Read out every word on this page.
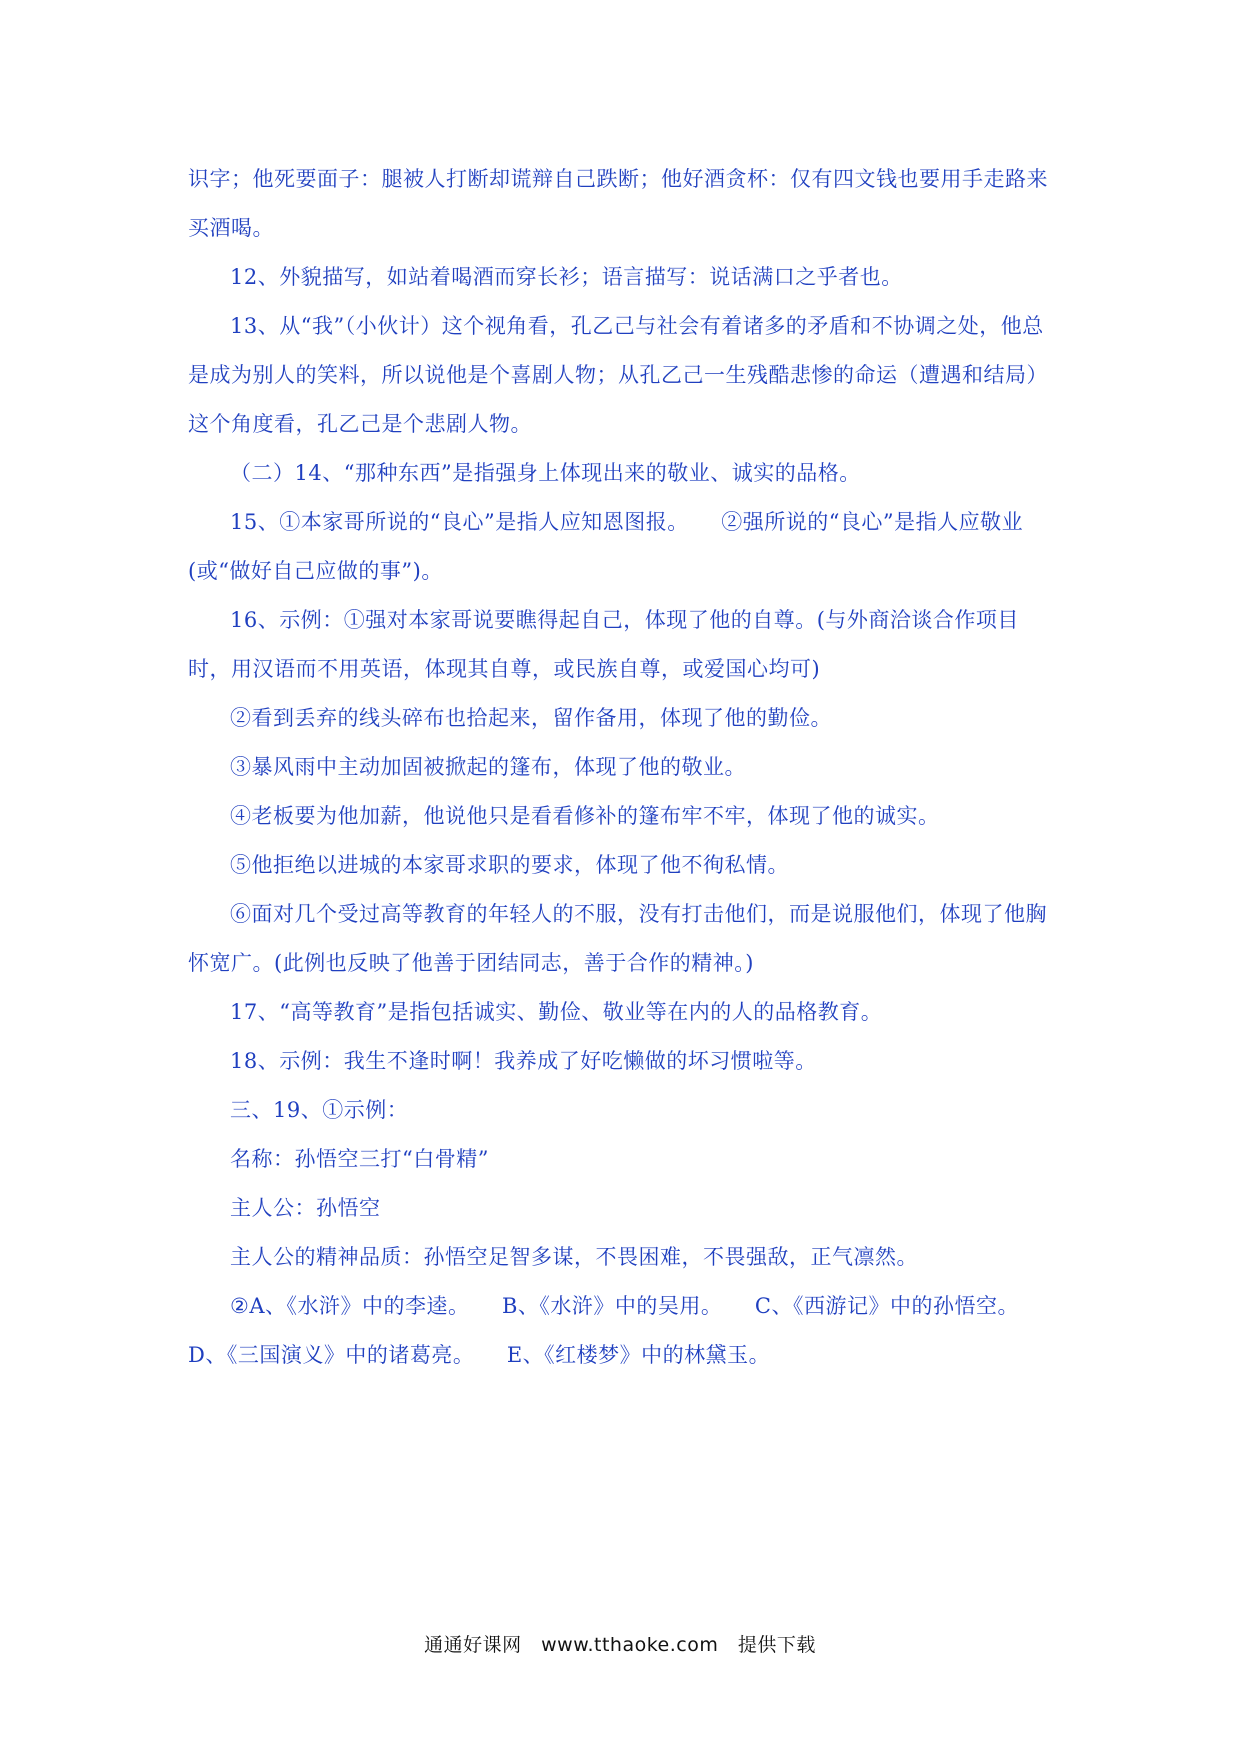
识字；他死要面子：腿被人打断却谎辩自己跌断；他好酒贪杯：仅有四文钱也要用手走路来买酒喝。

12、外貌描写，如站着喝酒而穿长衫；语言描写：说话满口之乎者也。

13、从“我”（小伙计）这个视角看，孔乙己与社会有着诸多的矛盾和不协调之处，他总是成为别人的笑料，所以说他是个喜剧人物；从孔乙己一生残酷悲惨的命运（遭遇和结局）这个角度看，孔乙己是个悲剧人物。

（二）14、“那种东西”是指强身上体现出来的敬业、诚实的品格。

15、①本家哥所说的“良心”是指人应知恩图报。　　②强所说的“良心”是指人应敬业(或“做好自己应做的事”)。

16、示例：①强对本家哥说要瞧得起自己，体现了他的自尊。(与外商洽谈合作项目时，用汉语而不用英语，体现其自尊，或民族自尊，或爱国心均可)

②看到丢弃的线头碎布也拾起来，留作备用，体现了他的勤俭。

③暴风雨中主动加固被掀起的篷布，体现了他的敬业。

④老板要为他加薪，他说他只是看看修补的篷布牢不牢，体现了他的诚实。

⑤他拒绝以进城的本家哥求职的要求，体现了他不徇私情。

⑥面对几个受过高等教育的年轻人的不服，没有打击他们，而是说服他们，体现了他胸怀宽广。(此例也反映了他善于团结同志，善于合作的精神。)

17、“高等教育”是指包括诚实、勤俭、敬业等在内的人的品格教育。

18、示例：我生不逢时啊！我养成了好吃懒做的坏习惯啦等。

三、19、①示例：

名称：孙悟空三打“白骨精”

主人公：孙悟空

主人公的精神品质：孙悟空足智多谋，不畏困难，不畏强敌，正气凛然。

②A、《水浒》中的李逵。　　B、《水浒》中的吴用。　　C、《西游记》中的孙悟空。　　D、《三国演义》中的诸葛亮。　　E、《红楼梦》中的林黛玉。

通通好课网　www.tthaoke.com　提供下载
